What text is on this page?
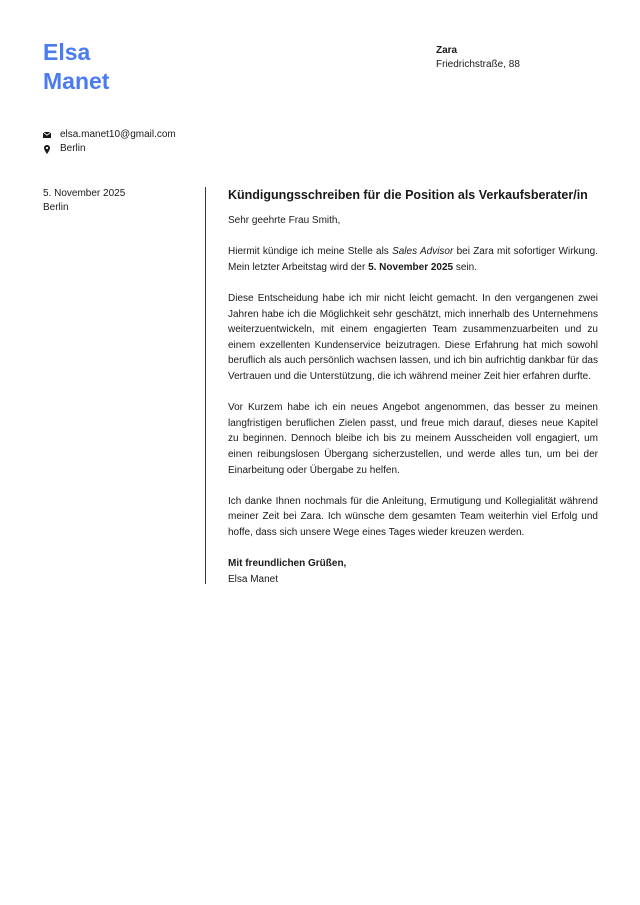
Elsa
Manet
Zara
Friedrichstraße, 88
elsa.manet10@gmail.com
Berlin
5. November 2025
Berlin
Kündigungsschreiben für die Position als Verkaufsberater/in

Sehr geehrte Frau Smith,

Hiermit kündige ich meine Stelle als Sales Advisor bei Zara mit sofortiger Wirkung. Mein letzter Arbeitstag wird der 5. November 2025 sein.

Diese Entscheidung habe ich mir nicht leicht gemacht. In den vergangenen zwei Jahren habe ich die Möglichkeit sehr geschätzt, mich innerhalb des Unternehmens weiterzuentwickeln, mit einem engagierten Team zusammenzuarbeiten und zu einem exzellenten Kundenservice beizutragen. Diese Erfahrung hat mich sowohl beruflich als auch persönlich wachsen lassen, und ich bin aufrichtig dankbar für das Vertrauen und die Unterstützung, die ich während meiner Zeit hier erfahren durfte.

Vor Kurzem habe ich ein neues Angebot angenommen, das besser zu meinen langfristigen beruflichen Zielen passt, und freue mich darauf, dieses neue Kapitel zu beginnen. Dennoch bleibe ich bis zu meinem Ausscheiden voll engagiert, um einen reibungslosen Übergang sicherzustellen, und werde alles tun, um bei der Einarbeitung oder Übergabe zu helfen.

Ich danke Ihnen nochmals für die Anleitung, Ermutigung und Kollegialität während meiner Zeit bei Zara. Ich wünsche dem gesamten Team weiterhin viel Erfolg und hoffe, dass sich unsere Wege eines Tages wieder kreuzen werden.

Mit freundlichen Grüßen,
Elsa Manet
